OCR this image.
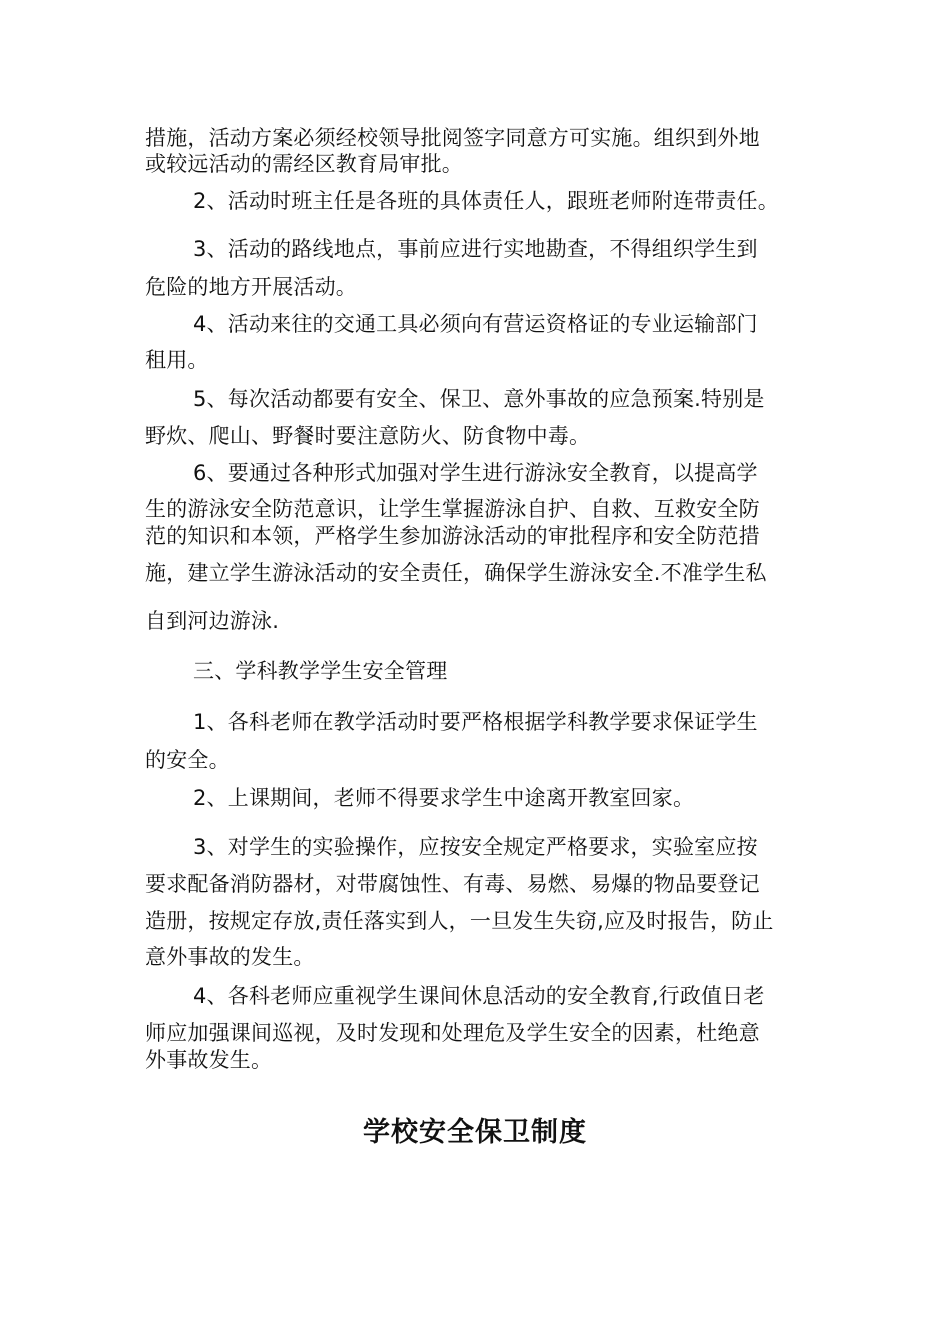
措施，活动方案必须经校领导批阅签字同意方可实施。组织到外地
或较远活动的需经区教育局审批。
2、活动时班主任是各班的具体责任人，跟班老师附连带责任。
3、活动的路线地点，事前应进行实地勘查，不得组织学生到
危险的地方开展活动。
4、活动来往的交通工具必须向有营运资格证的专业运输部门
租用。
5、每次活动都要有安全、保卫、意外事故的应急预案.特别是
野炊、爬山、野餐时要注意防火、防食物中毒。
6、要通过各种形式加强对学生进行游泳安全教育，以提高学
生的游泳安全防范意识，让学生掌握游泳自护、自救、互救安全防
范的知识和本领，严格学生参加游泳活动的审批程序和安全防范措
施，建立学生游泳活动的安全责任，确保学生游泳安全.不准学生私
自到河边游泳.
三、学科教学学生安全管理
1、各科老师在教学活动时要严格根据学科教学要求保证学生
的安全。
2、上课期间，老师不得要求学生中途离开教室回家。
3、对学生的实验操作，应按安全规定严格要求，实验室应按
要求配备消防器材，对带腐蚀性、有毒、易燃、易爆的物品要登记
造册，按规定存放,责任落实到人，一旦发生失窃,应及时报告，防止
意外事故的发生。
4、各科老师应重视学生课间休息活动的安全教育,行政值日老
师应加强课间巡视，及时发现和处理危及学生安全的因素，杜绝意
外事故发生。
学校安全保卫制度
